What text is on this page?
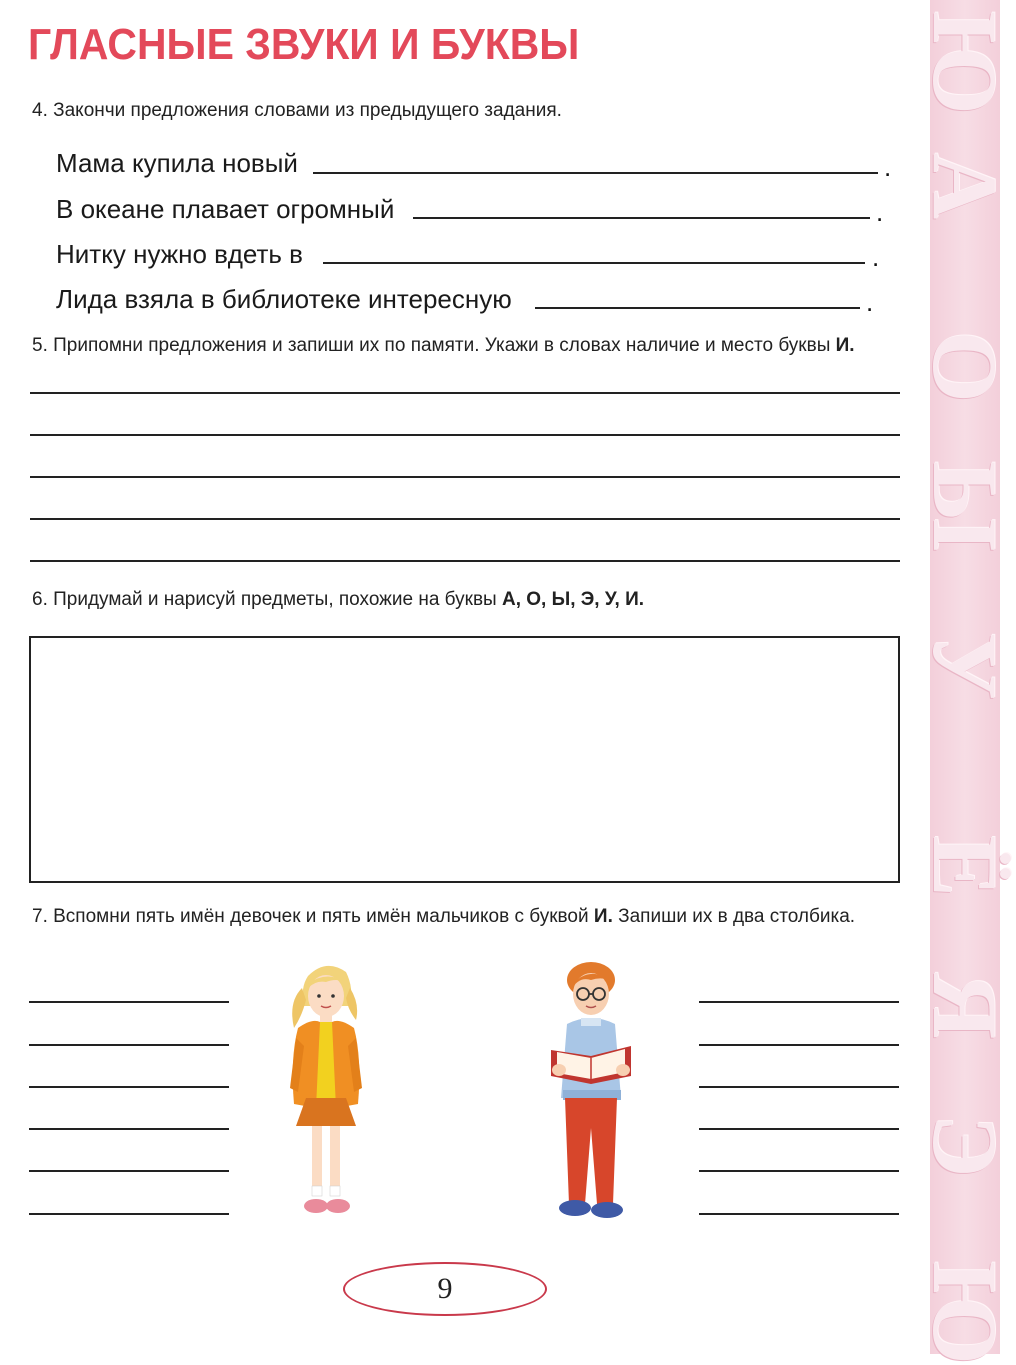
Ю
А
О
Ы
У
Ё
Я
Э
Ю
ГЛАСНЫЕ ЗВУКИ И БУКВЫ
4. Закончи предложения словами из предыдущего задания.
Мама купила новый	.
В океане плавает огромный	.
Нитку нужно вдеть в	.
Лида взяла в библиотеке интересную	.
5. Припомни предложения и запиши их по памяти. Укажи в словах наличие и место буквы И.
6. Придумай и нарисуй предметы, похожие на буквы А, О, Ы, Э, У, И.
7. Вспомни пять имён девочек и пять имён мальчиков с буквой И. Запиши их в два столбика.
9
